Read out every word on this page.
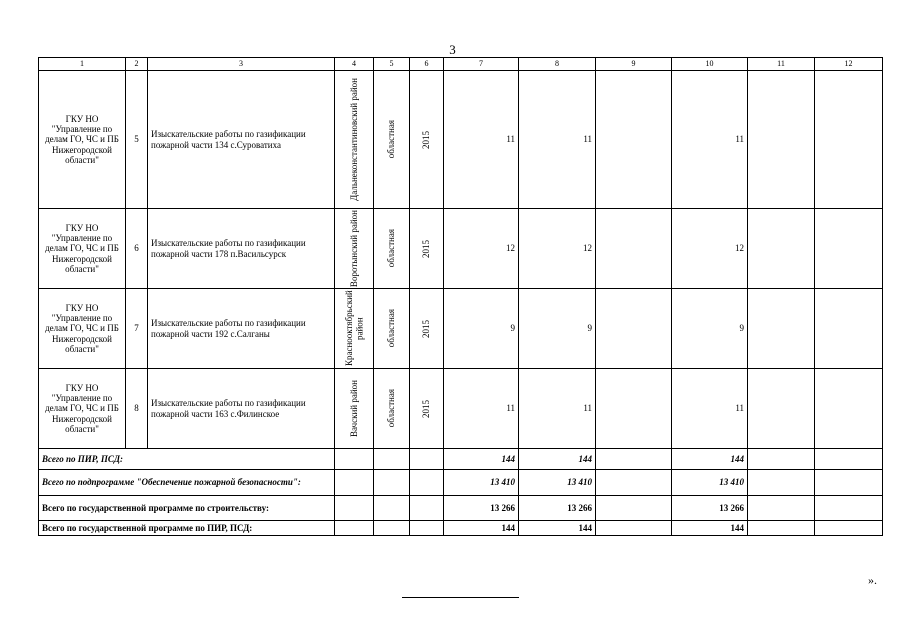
3
1	2	3	4	5	6	7	8	9	10	11	12
ГКУ НО "Управление по делам ГО, ЧС и ПБ Нижегородской области"	5	Изыскательские работы по газификации пожарной части 134 с.Суроватиха	Дальнеконстантиновский район	областная	2015	11	11		11		
ГКУ НО "Управление по делам ГО, ЧС и ПБ Нижегородской области"	6	Изыскательские работы по газификации пожарной части 178 п.Васильсурск	Воротынский район	областная	2015	12	12		12		
ГКУ НО "Управление по делам ГО, ЧС и ПБ Нижегородской области"	7	Изыскательские работы по газификации пожарной части 192 с.Салганы	Краснооктябрьский район	областная	2015	9	9		9		
ГКУ НО "Управление по делам ГО, ЧС и ПБ Нижегородской области"	8	Изыскательские работы по газификации пожарной части 163 с.Филинское	Вачский район	областная	2015	11	11		11		
Всего по ПИР, ПСД:						144	144		144		
Всего по подпрограмме "Обеспечение пожарной безопасности":						13 410	13 410		13 410		
Всего по государственной программе по строительству:						13 266	13 266		13 266		
Всего по государственной программе по ПИР, ПСД:						144	144		144		
».
